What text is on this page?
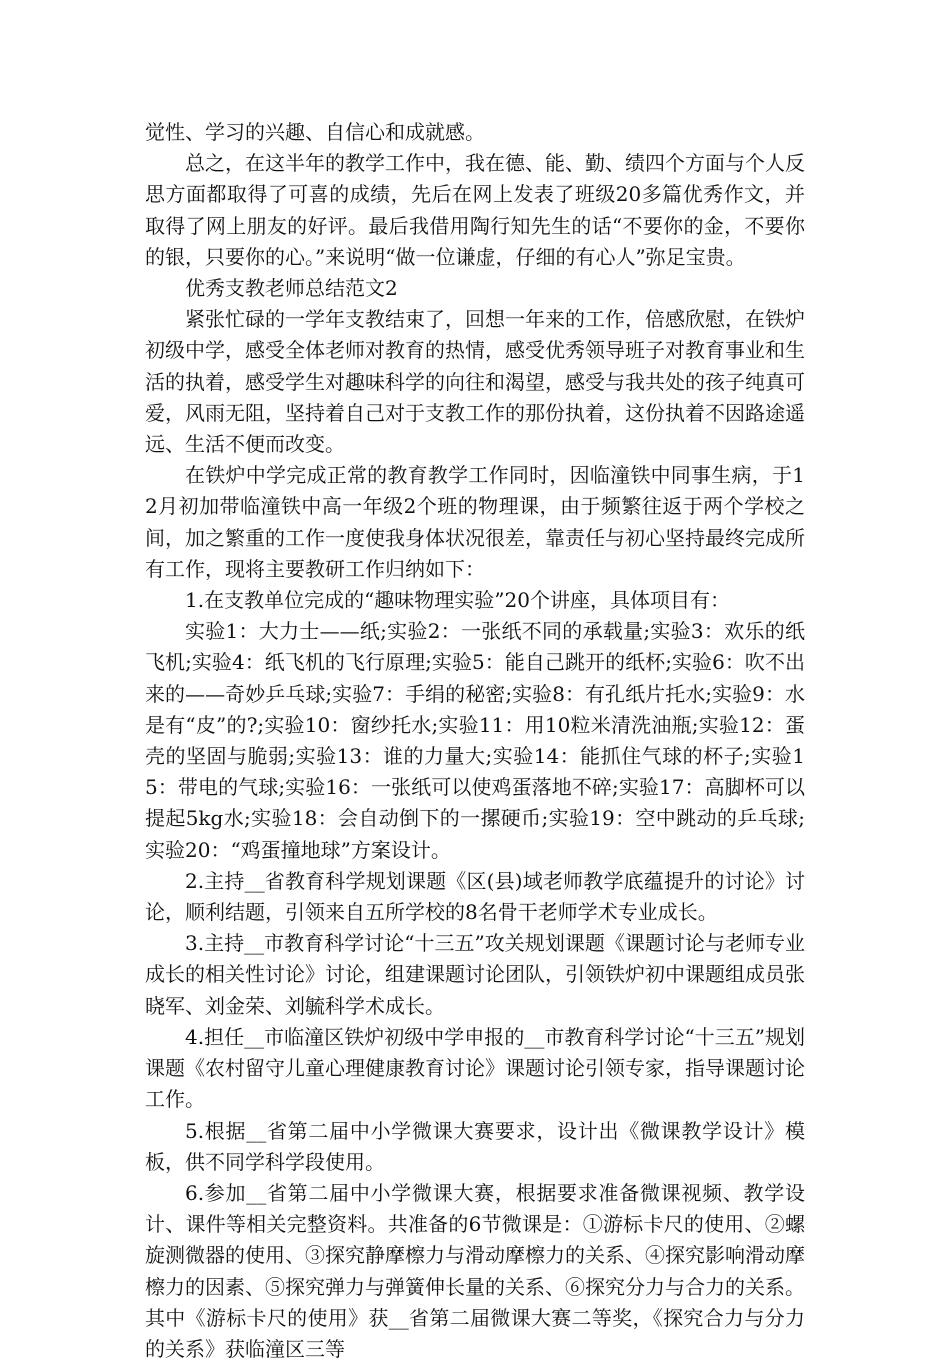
觉性、学习的兴趣、自信心和成就感。

总之，在这半年的教学工作中，我在德、能、勤、绩四个方面与个人反思方面都取得了可喜的成绩，先后在网上发表了班级20多篇优秀作文，并取得了网上朋友的好评。最后我借用陶行知先生的话“不要你的金，不要你的银，只要你的心。”来说明“做一位谦虚，仔细的有心人”弥足宝贵。

优秀支教老师总结范文2

紧张忙碌的一学年支教结束了，回想一年来的工作，倍感欣慰，在铁炉初级中学，感受全体老师对教育的热情，感受优秀领导班子对教育事业和生活的执着，感受学生对趣味科学的向往和渴望，感受与我共处的孩子纯真可爱，风雨无阻，坚持着自己对于支教工作的那份执着，这份执着不因路途遥远、生活不便而改变。

在铁炉中学完成正常的教育教学工作同时，因临潼铁中同事生病，于12月初加带临潼铁中高一年级2个班的物理课，由于频繁往返于两个学校之间，加之繁重的工作一度使我身体状况很差，靠责任与初心坚持最终完成所有工作，现将主要教研工作归纳如下：

1.在支教单位完成的“趣味物理实验”20个讲座，具体项目有：

实验1：大力士——纸;实验2：一张纸不同的承载量;实验3：欢乐的纸飞机;实验4：纸飞机的飞行原理;实验5：能自己跳开的纸杯;实验6：吹不出来的——奇妙乒乓球;实验7：手绢的秘密;实验8：有孔纸片托水;实验9：水是有“皮”的?;实验10：窗纱托水;实验11：用10粒米清洗油瓶;实验12：蛋壳的坚固与脆弱;实验13：谁的力量大;实验14：能抓住气球的杯子;实验15：带电的气球;实验16：一张纸可以使鸡蛋落地不碎;实验17：高脚杯可以提起5kg水;实验18：会自动倒下的一摞硬币;实验19：空中跳动的乒乓球;实验20：“鸡蛋撞地球”方案设计。

2.主持__省教育科学规划课题《区(县)域老师教学底蕴提升的讨论》讨论，顺利结题，引领来自五所学校的8名骨干老师学术专业成长。

3.主持__市教育科学讨论“十三五”攻关规划课题《课题讨论与老师专业成长的相关性讨论》讨论，组建课题讨论团队，引领铁炉初中课题组成员张晓军、刘金荣、刘毓科学术成长。

4.担任__市临潼区铁炉初级中学申报的__市教育科学讨论“十三五”规划课题《农村留守儿童心理健康教育讨论》课题讨论引领专家，指导课题讨论工作。

5.根据__省第二届中小学微课大赛要求，设计出《微课教学设计》模板，供不同学科学段使用。

6.参加__省第二届中小学微课大赛，根据要求准备微课视频、教学设计、课件等相关完整资料。共准备的6节微课是：①游标卡尺的使用、②螺旋测微器的使用、③探究静摩檫力与滑动摩檫力的关系、④探究影响滑动摩檫力的因素、⑤探究弹力与弹簧伸长量的关系、⑥探究分力与合力的关系。其中《游标卡尺的使用》获__省第二届微课大赛二等奖，《探究合力与分力的关系》获临潼区三等
